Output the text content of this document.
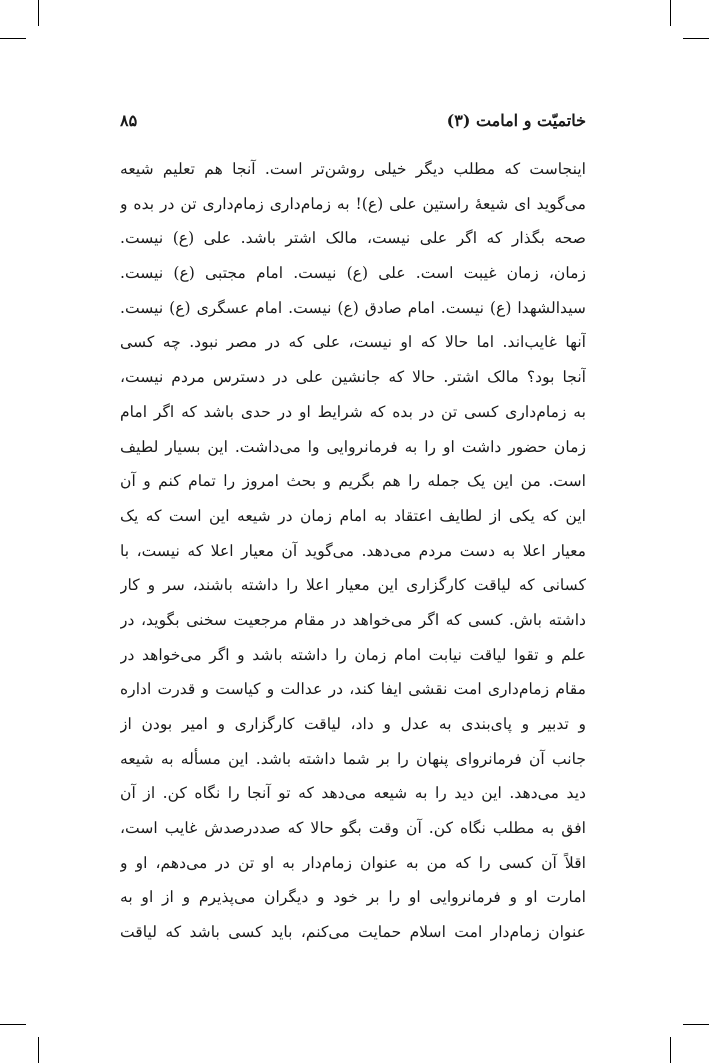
خاتمیّت و امامت (۳)
۸۵
اینجاست که مطلب دیگر خیلی روشن‌تر است. آنجا هم تعلیم شیعه
می‌گوید ای شیعهٔ راستین علی (ع)! به زمام‌داری زمام‌داری تن در بده و
صحه بگذار که اگر علی نیست، مالک اشتر باشد. علی (ع) نیست.
زمان، زمان غیبت است. علی (ع) نیست. امام مجتبی (ع) نیست.
سیدالشهدا (ع) نیست. امام صادق (ع) نیست. امام عسگری (ع) نیست.
آنها غایب‌اند. اما حالا که او نیست، علی که در مصر نبود. چه کسی
آنجا بود؟ مالک اشتر. حالا که جانشین علی در دسترس مردم نیست،
به زمام‌داری کسی تن در بده که شرایط او در حدی باشد که اگر امام
زمان حضور داشت او را به فرمانروایی وا می‌داشت. این بسیار لطیف
است. من این یک جمله را هم بگریم و بحث امروز را تمام کنم و آن
این که یکی از لطایف اعتقاد به امام زمان در شیعه این است که یک
معیار اعلا به دست مردم می‌دهد. می‌گوید آن معیار اعلا که نیست، با
کسانی که لیاقت کارگزاری این معیار اعلا را داشته باشند، سر و کار
داشته باش. کسی که اگر می‌خواهد در مقام مرجعیت سخنی بگوید، در
علم و تقوا لیاقت نیابت امام زمان را داشته باشد و اگر می‌خواهد در
مقام زمام‌داری امت نقشی ایفا کند، در عدالت و کیاست و قدرت اداره
و تدبیر و پای‌بندی به عدل و داد، لیاقت کارگزاری و امیر بودن از
جانب آن فرمانروای پنهان را بر شما داشته باشد. این مسأله به شیعه
دید می‌دهد. این دید را به شیعه می‌دهد که تو آنجا را نگاه کن. از آن
افق به مطلب نگاه کن. آن وقت بگو حالا که صددرصدش غایب است،
اقلاً آن کسی را که من به عنوان زمام‌دار به او تن در می‌دهم، او و
امارت او و فرمانروایی او را بر خود و دیگران می‌پذیرم و از او به
عنوان زمام‌دار امت اسلام حمایت می‌کنم، باید کسی باشد که لیاقت
